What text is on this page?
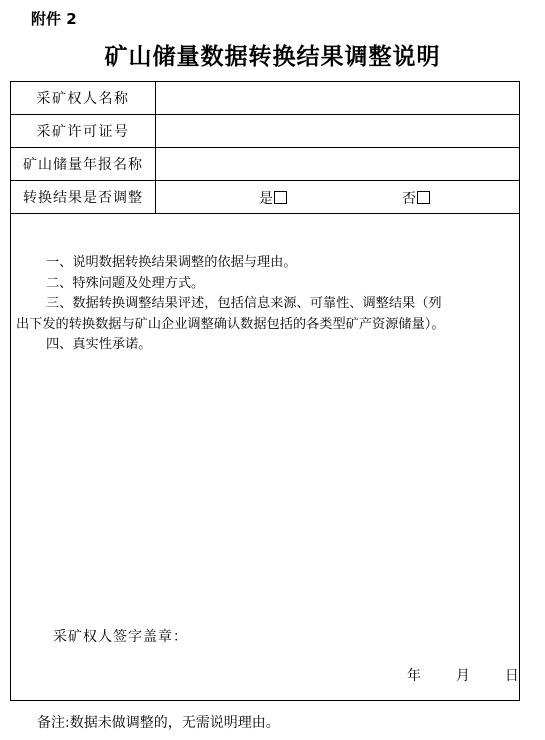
附件 2
矿山储量数据转换结果调整说明
采矿权人名称
采矿许可证号
矿山储量年报名称
转换结果是否调整	是	否

一、说明数据转换结果调整的依据与理由。

二、特殊问题及处理方式。

三、数据转换调整结果评述，包括信息来源、可靠性、调整结果（列

出下发的转换数据与矿山企业调整确认数据包括的各类型矿产资源储量）。

四、真实性承诺。

采矿权人签字盖章：
年 月 日
备注:数据未做调整的，无需说明理由。
